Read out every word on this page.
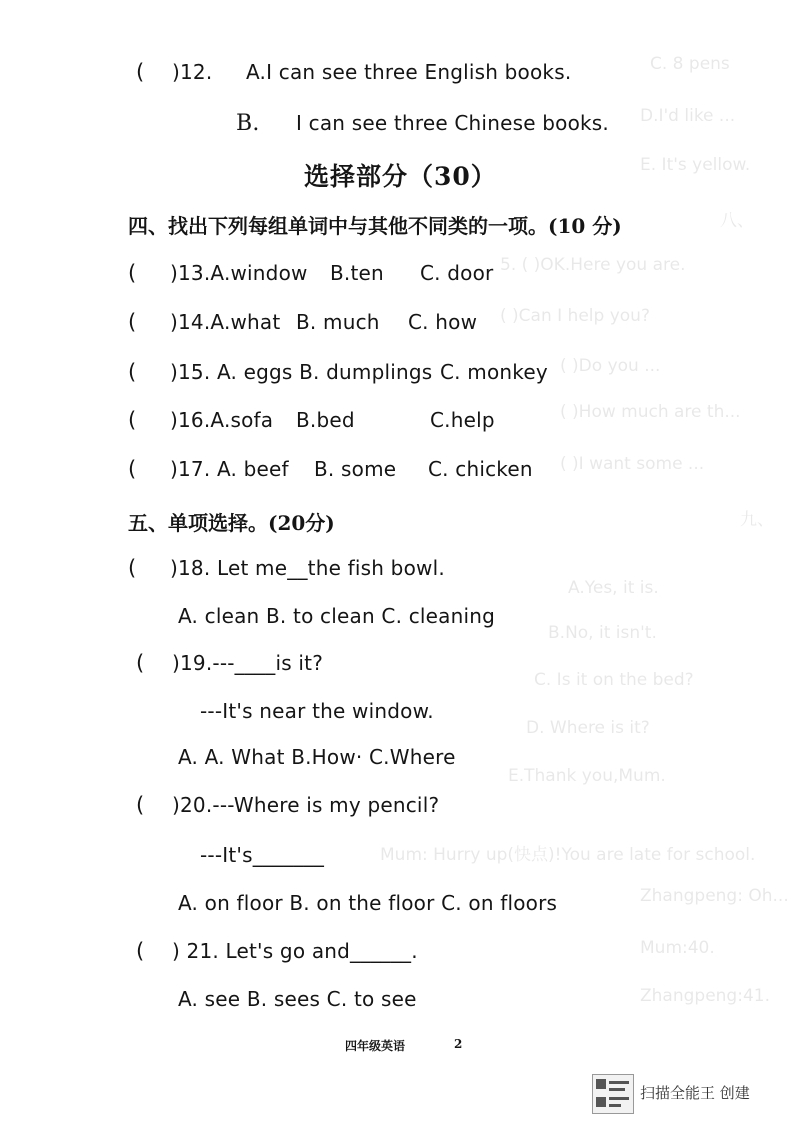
C. 8 pens
D.I'd like ...
E. It's yellow.
八、
5. ( )OK.Here you are.
( )Can I help you?
( )Do you ...
( )How much are th...
( )I want some ...
九、
A.Yes, it is.
B.No, it isn't.
C. Is it on the bed?
D. Where is it?
E.Thank you,Mum.
Mum: Hurry up(快点)!You are late for school.
Zhangpeng: Oh...
Mum:40.
Zhangpeng:41.
( )12. A.I can see three English books.
B. I can see three Chinese books.
选择部分（30）
四、找出下列每组单词中与其他不同类的一项。(10 分)
( )13.A.window B.ten C. door
( )14.A.what B. much C. how
( )15. A. eggs B. dumplings C. monkey
( )16.A.sofa B.bed	C.help
( )17. A. beef B. some C. chicken
五、单项选择。(20分)
( )18. Let me__the fish bowl.
A. clean B. to clean C. cleaning
( )19.---____is it?
---It's near the window.
A. A. What B.How· C.Where
( )20.---Where is my pencil?
---It's_______
A. on floor B. on the floor C. on floors
( ) 21. Let's go and______.
A. see B. sees C. to see
四年级英语	2
扫描全能王 创建
